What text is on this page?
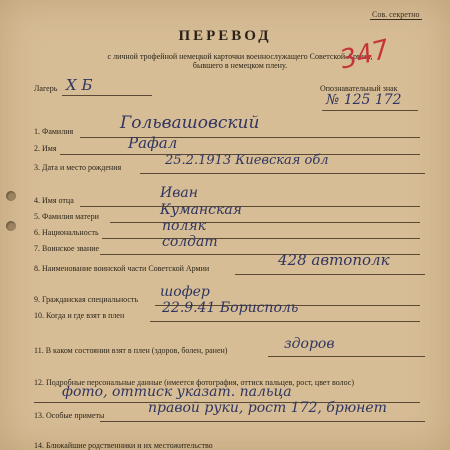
Сов. секретно
ПЕРЕВОД
с личной трофейной немецкой карточки военнослужащего Советской Армии,
бывшего в немецком плену.	347
Лагерь Х Б	Опознавательный знак
№ 125 172
1. Фамилия	Гольвашовский
2. Имя	Рафал
3. Дата и место рождения	25.2.1913 Киевская обл
4. Имя отца	Иван
5. Фамилия матери	Куманская
6. Национальность	поляк
7. Воинское звание	солдат
8. Наименование воинской части Советской Армии	428 автополк
9. Гражданская специальность шофер
10. Когда и где взят в плен	22.9.41 Борисполь
11. В каком состоянии взят в плен (здоров, болен, ранен)	здоров
12. Подробные персональные данные (имеется фотография, оттиск пальцев, рост, цвет волос)
фото, оттиск указат. пальца
13. Особые приметы	правой руки, рост 172, брюнет
14. Ближайшие родственники и их местожительство
